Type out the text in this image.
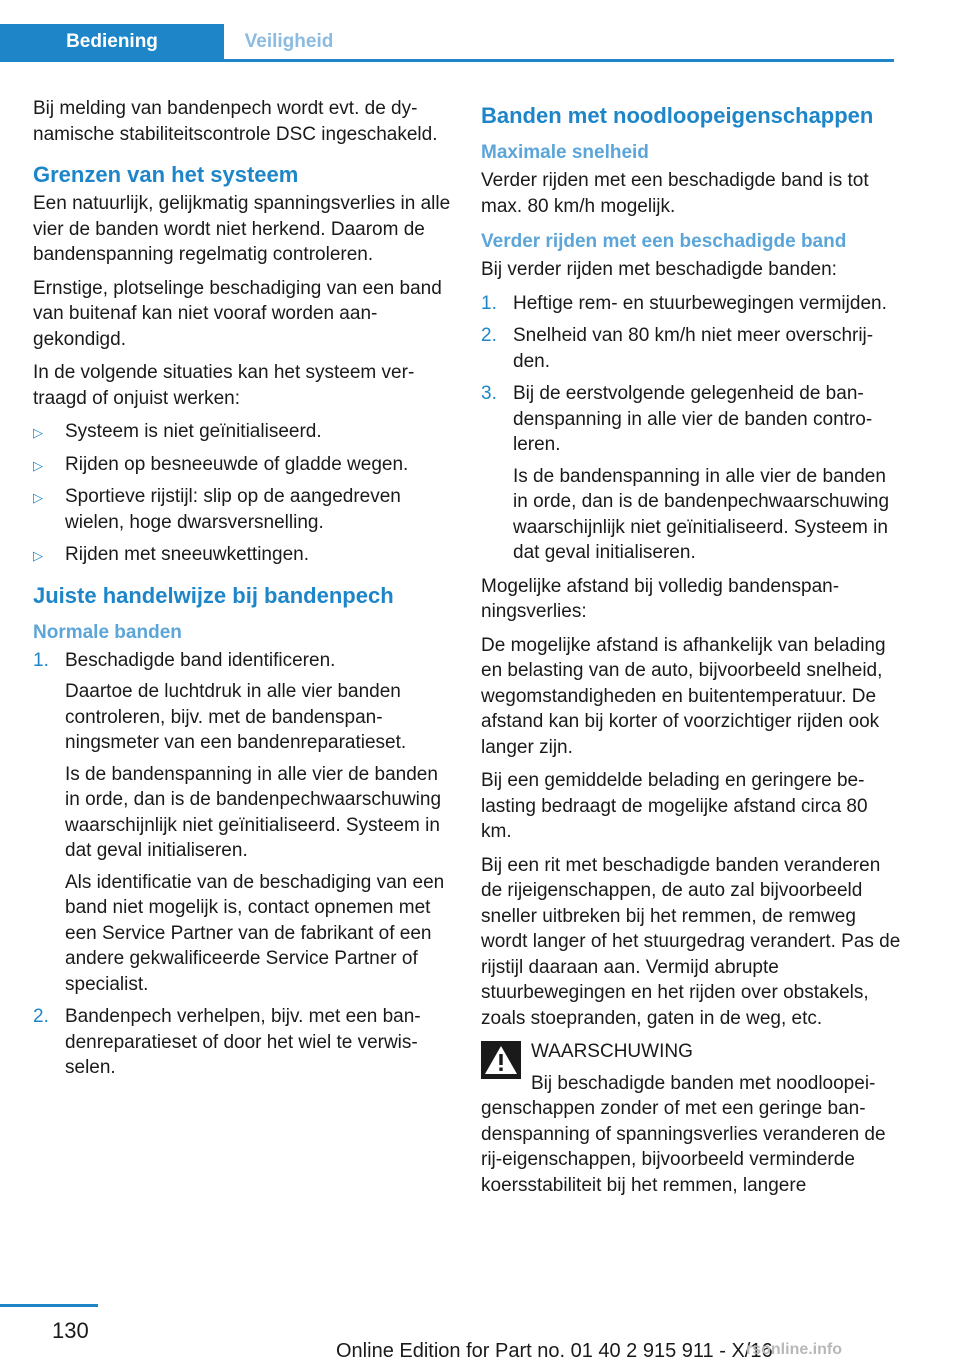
Bediening	Veiligheid

Bij melding van bandenpech wordt evt. de dynamische stabiliteitscontrole DSC ingeschakeld.

Grenzen van het systeem

Een natuurlijk, gelijkmatig spanningsverlies in alle vier de banden wordt niet herkend. Daarom de bandenspanning regelmatig controleren.

Ernstige, plotselinge beschadiging van een band van buitenaf kan niet vooraf worden aangekondigd.

In de volgende situaties kan het systeem vertraagd of onjuist werken:

▷ Systeem is niet geïnitialiseerd.
▷ Rijden op besneeuwde of gladde wegen.
▷ Sportieve rijstijl: slip op de aangedreven wielen, hoge dwarsversnelling.
▷ Rijden met sneeuwkettingen.
Juiste handelwijze bij bandenpech
Normale banden
1. Beschadigde band identificeren.
Daartoe de luchtdruk in alle vier banden controleren, bijv. met de bandenspanningsmeter van een bandenreparatieset.
Is de bandenspanning in alle vier de banden in orde, dan is de bandenpechwaarschuwing waarschijnlijk niet geïnitialiseerd. Systeem in dat geval initialiseren.
Als identificatie van de beschadiging van een band niet mogelijk is, contact opnemen met een Service Partner van de fabrikant of een andere gekwalificeerde Service Partner of specialist.
2. Bandenpech verhelpen, bijv. met een bandenreparatieset of door het wiel te verwisselen.
Banden met noodloopeigenschappen
Maximale snelheid

Verder rijden met een beschadigde band is tot max. 80 km/h mogelijk.

Verder rijden met een beschadigde band

Bij verder rijden met beschadigde banden:

1. Heftige rem- en stuurbewegingen vermijden.
2. Snelheid van 80 km/h niet meer overschrijden.
3. Bij de eerstvolgende gelegenheid de bandenspanning in alle vier de banden controleren.
Is de bandenspanning in alle vier de banden in orde, dan is de bandenpechwaarschuwing waarschijnlijk niet geïnitialiseerd. Systeem in dat geval initialiseren.

Mogelijke afstand bij volledig bandenspanningsverlies:

De mogelijke afstand is afhankelijk van belading en belasting van de auto, bijvoorbeeld snelheid, wegomstandigheden en buitentemperatuur. De afstand kan bij korter of voorzichtiger rijden ook langer zijn.

Bij een gemiddelde belading en geringere belasting bedraagt de mogelijke afstand circa 80 km.

Bij een rit met beschadigde banden veranderen de rijeigenschappen, de auto zal bijvoorbeeld sneller uitbreken bij het remmen, de remweg wordt langer of het stuurgedrag verandert. Pas de rijstijl daaraan aan. Vermijd abrupte stuurbewegingen en het rijden over obstakels, zoals stoepranden, gaten in de weg, etc.

WAARSCHUWING

Bij beschadigde banden met noodloopeigenschappen zonder of met een geringe bandenspanning of spanningsverlies veranderen de rij-eigenschappen, bijvoorbeeld verminderde koersstabiliteit bij het remmen, langere

130
Online Edition for Part no. 01 40 2 915 911 - X/16
rsonline.info
